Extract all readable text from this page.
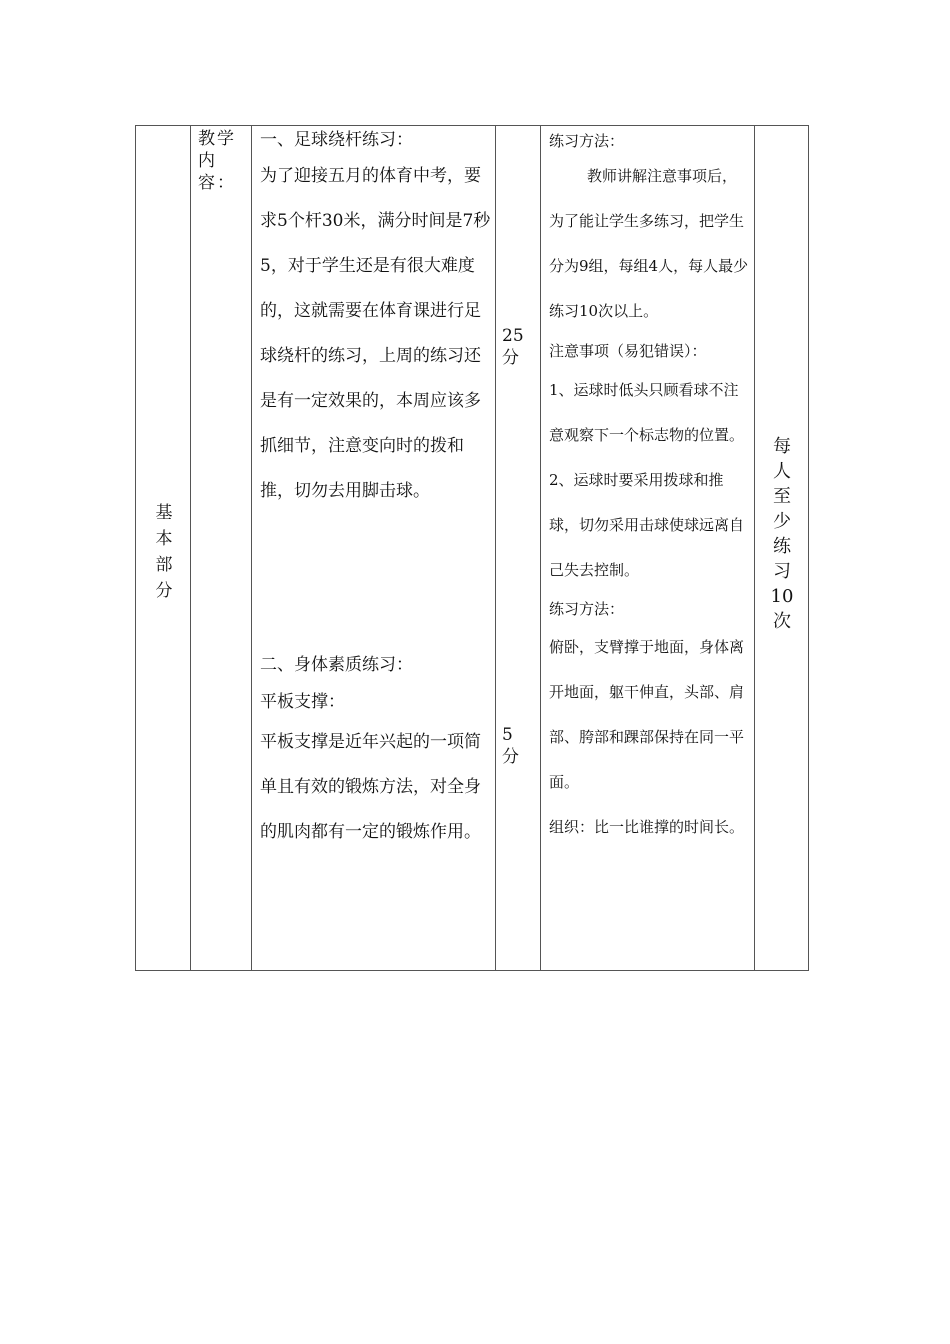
基
本
部
分
教学
内
容：
一、足球绕杆练习：
为了迎接五月的体育中考，要求5个杆30米，满分时间是7秒5，对于学生还是有很大难度的，这就需要在体育课进行足球绕杆的练习，上周的练习还是有一定效果的，本周应该多抓细节，注意变向时的拨和推，切勿去用脚击球。
二、身体素质练习：
平板支撑：
平板支撑是近年兴起的一项简单且有效的锻炼方法，对全身的肌肉都有一定的锻炼作用。
25
分
5
分
练习方法：
教师讲解注意事项后，为了能让学生多练习，把学生分为9组，每组4人，每人最少练习10次以上。
注意事项（易犯错误）：
1、运球时低头只顾看球不注意观察下一个标志物的位置。
2、运球时要采用拨球和推球，切勿采用击球使球远离自己失去控制。
练习方法：
俯卧，支臂撑于地面，身体离开地面，躯干伸直，头部、肩部、胯部和踝部保持在同一平面。
组织：比一比谁撑的时间长。
每
人
至
少
练
习
10
次
